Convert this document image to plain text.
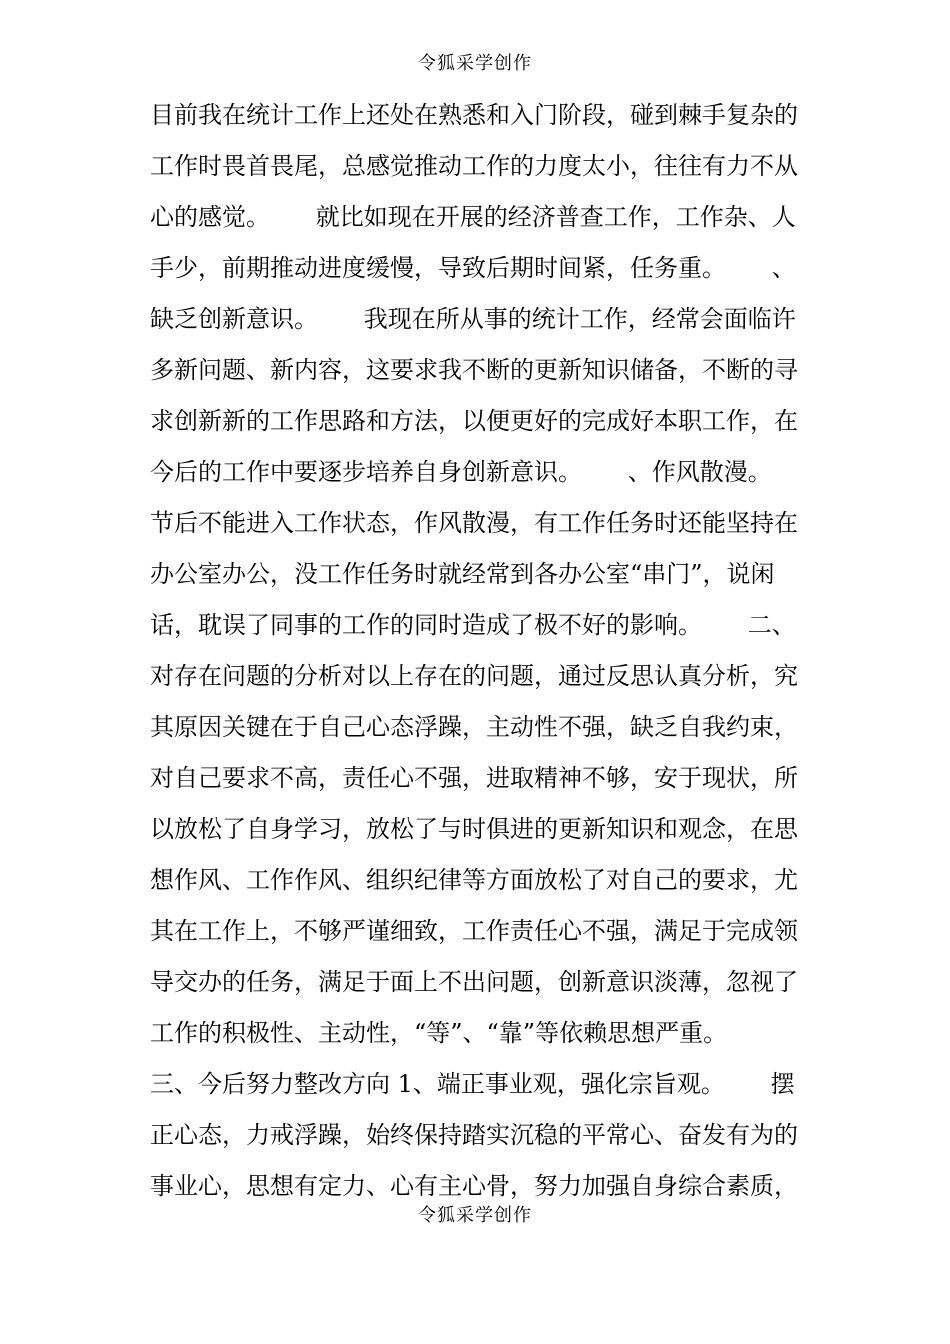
令狐采学创作
目前我在统计工作上还处在熟悉和入门阶段，碰到棘手复杂的
工作时畏首畏尾，总感觉推动工作的力度太小，往往有力不从
心的感觉。      就比如现在开展的经济普查工作，工作杂、人
手少，前期推动进度缓慢，导致后期时间紧，任务重。      、
缺乏创新意识。      我现在所从事的统计工作，经常会面临许
多新问题、新内容，这要求我不断的更新知识储备，不断的寻
求创新新的工作思路和方法，以便更好的完成好本职工作，在
今后的工作中要逐步培养自身创新意识。      、作风散漫。
节后不能进入工作状态，作风散漫，有工作任务时还能坚持在
办公室办公，没工作任务时就经常到各办公室“串门”，说闲
话，耽误了同事的工作的同时造成了极不好的影响。      二、
对存在问题的分析对以上存在的问题，通过反思认真分析，究
其原因关键在于自己心态浮躁，主动性不强，缺乏自我约束，
对自己要求不高，责任心不强，进取精神不够，安于现状，所
以放松了自身学习，放松了与时俱进的更新知识和观念，在思
想作风、工作作风、组织纪律等方面放松了对自己的要求，尤
其在工作上，不够严谨细致，工作责任心不强，满足于完成领
导交办的任务，满足于面上不出问题，创新意识淡薄，忽视了
工作的积极性、主动性，“等”、“靠”等依赖思想严重。
三、今后努力整改方向 1、端正事业观，强化宗旨观。      摆
正心态，力戒浮躁，始终保持踏实沉稳的平常心、奋发有为的
事业心，思想有定力、心有主心骨，努力加强自身综合素质，
令狐采学创作
